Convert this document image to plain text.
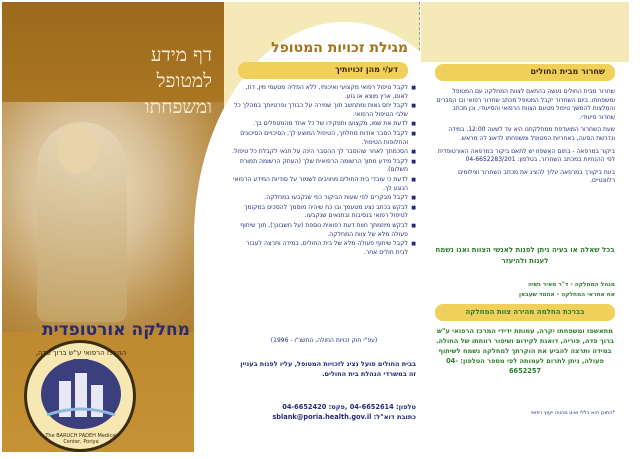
דף מידע
למטופל
ומשפחתו
מחלקה אורטופדית
המרכז הרפואי ע"ש ברוך פדה,
The BARUCH PADEH Medical Center, Poriya
מגילת זכויות המטופל
דע/י מהן זכויותיך
■ לקבל טיפול רפואי מקצועי ואיכותי, ללא הפליה מטעמי מין, דת, לאום, ארץ מוצא או גזע.
■ לקבל יחס נאות ומתחשב תוך שמירה על כבודך ופרטיותך במהלך כל שלבי הטיפול הרפואי.
■ לדעת את שמו, מקצועו ותפקידו של כל אחד מהמטפלים בך.
■ לקבל הסבר אודות מחלתך, הטיפול המוצע לך, הסיכויים הסיכונים והחלופות הטיפול.
■ הסכמתך לאחר שהוסבר לך ההסבר הינה על תנאי לקבלת כל טיפול.
■ לקבל מידע מתוך הרשומה הרפואית שלך (העתק הרשומה תמורת תשלום).
■ לדעת כי עובדי בית החולים מחויבים לשמור על סודיות המידע הרפואי הנוגע לך.
■ לקבל מבקרים לפי שעות הביקור כפי שנקבעו במחלקה.
■ לבקש בכתב נציג מטעמך ובו כח שיהיה מוסמך להסכים במקומך לטיפול רפואי בנסיבות ובתנאים שנקבעו.
■ לבקש מיוזמתך חוות דעת רפואית נוספת (על חשבונך), תוך שיתוף פעולה מלא של צוות המחלקה.
■ לקבל שיתוף פעולה מלא של בית החולים, במידה ותרצה לעבור לבית חולים אחר.
(עפ"י חוק זכויות החולה, התשנ"ו - 1996)
בבית החולים פועל נציג לזכויות המטופל, עליו לפנות בעניין זה במשרדי הנהלת בית החולים.
טלפון: 04-6652614 ,פקס: 04-6652420
כתובת דוא"ל: sblank@poria.health.gov.il
שחרור מבית החולים

שחרור מבית החולים נעשה בהתאם לצוות המחלקה עם המטופל ומשפחתו. ביום השחרור יקבל המטופל מכתב שחרור רפואי ובו הסברים והמלצות להמשך טיפול מטעם הצוות הרפואי והסיעודי, וכן מכתב שחרור סיעודי.

שעת השחרור המועדפת ממחלקתנו היא עד לשעה 12:00. במידה ונדרשת הסעה, באחריות המטופל ומשפחתו לדאוג לה מראש.

ביקור במרפאה - בתום האשפוז יש לתאם ביקור במרפאה האורטופדית לפי ההנחיות במכתב השחרור, בטלפון: 04-6652283/201

בעת ביקורך במרפאה עליך להציג את מכתב השחרור וצילומים רלוונטיים.

בכל שאלה או בעיה ניתן לפנות לאנשי הצוות ואנו נשמח לענות ולהיעזר
מנהל המחלקה - ד"ר מאיר נשיה
אח אחראי המחלקה - אחמד שעבאן
בברכת החלמה מהירה צוות המחלקה
מתאשפז ומשפחתו יקרה, עמותת ידידי המרכז הרפואי ע"ש ברוך פדה, פוריה, דואגת לקידום ושיפור רווחתו של החולה. במידה ותרצה להביע את הוקרתך למחלקה נשמח לשיתוף פעולה, ניתן לתרום לעמותה לפי מספר הטלפון: 04-6652257
*התוכן הוא כללי ואינו מהווה ייעוץ רפואי
